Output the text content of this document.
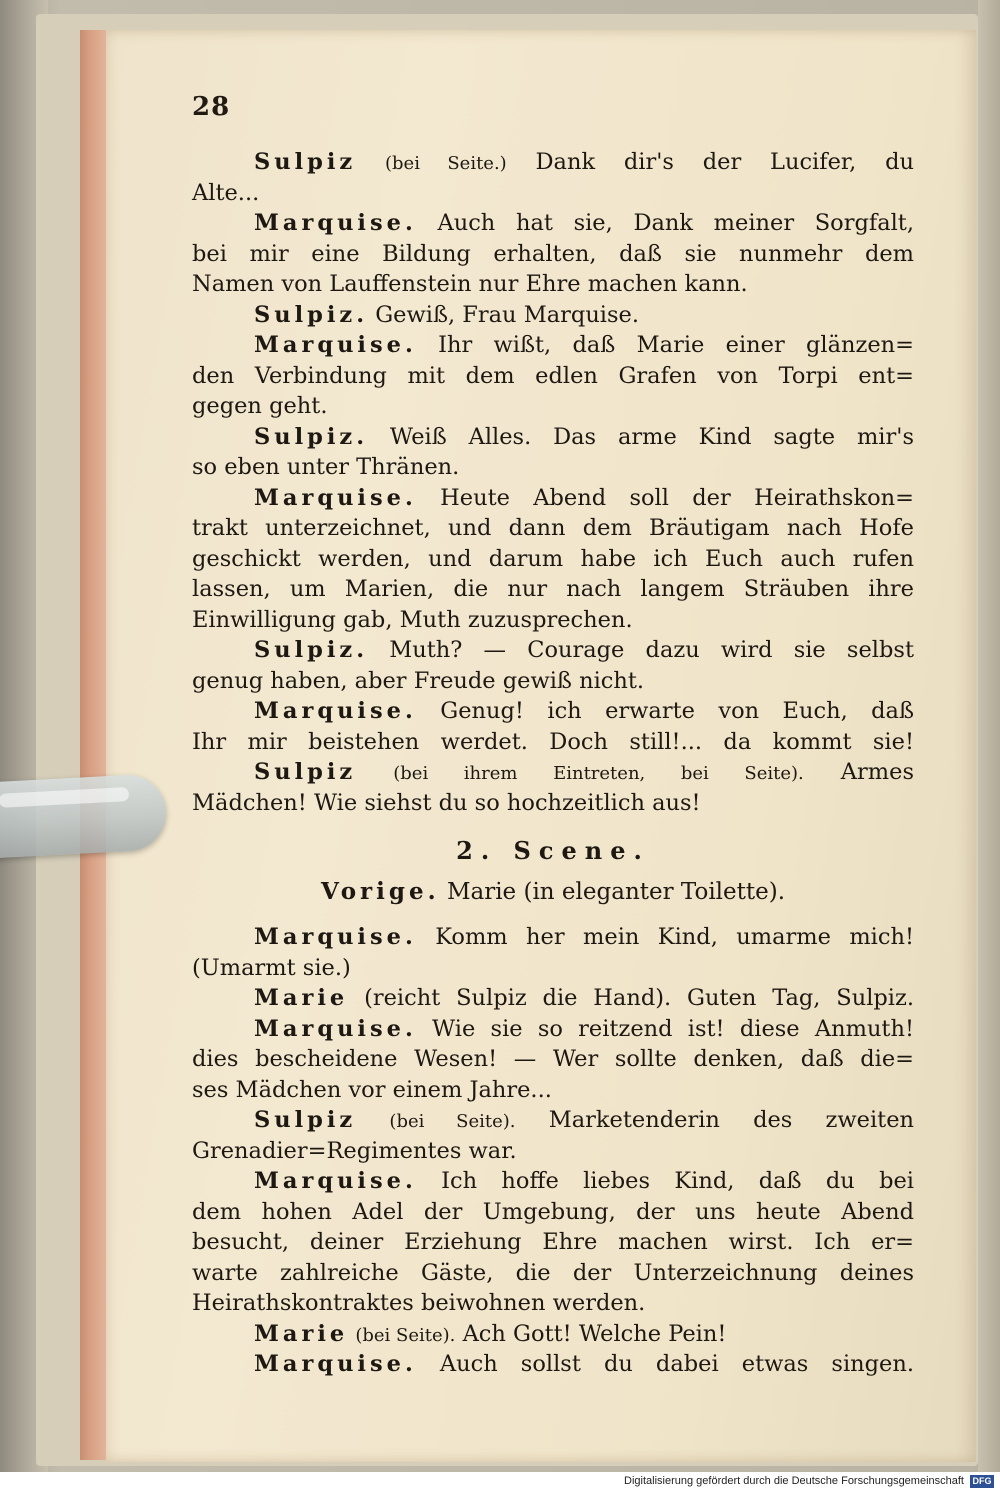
28
Sulpiz (bei Seite.) Dank dir's der Lucifer, du
Alte...
Marquise. Auch hat sie, Dank meiner Sorgfalt,
bei mir eine Bildung erhalten, daß sie nunmehr dem
Namen von Lauffenstein nur Ehre machen kann.
Sulpiz. Gewiß, Frau Marquise.
Marquise. Ihr wißt, daß Marie einer glänzen=
den Verbindung mit dem edlen Grafen von Torpi ent=
gegen geht.
Sulpiz. Weiß Alles. Das arme Kind sagte mir's
so eben unter Thränen.
Marquise. Heute Abend soll der Heirathskon=
trakt unterzeichnet, und dann dem Bräutigam nach Hofe
geschickt werden, und darum habe ich Euch auch rufen
lassen, um Marien, die nur nach langem Sträuben ihre
Einwilligung gab, Muth zuzusprechen.
Sulpiz. Muth? — Courage dazu wird sie selbst
genug haben, aber Freude gewiß nicht.
Marquise. Genug! ich erwarte von Euch, daß
Ihr mir beistehen werdet. Doch still!... da kommt sie!
Sulpiz (bei ihrem Eintreten, bei Seite). Armes
Mädchen! Wie siehst du so hochzeitlich aus!
2. Scene.
Vorige. Marie (in eleganter Toilette).
Marquise. Komm her mein Kind, umarme mich!
(Umarmt sie.)
Marie (reicht Sulpiz die Hand). Guten Tag, Sulpiz.
Marquise. Wie sie so reitzend ist! diese Anmuth!
dies bescheidene Wesen! — Wer sollte denken, daß die=
ses Mädchen vor einem Jahre...
Sulpiz (bei Seite). Marketenderin des zweiten
Grenadier=Regimentes war.
Marquise. Ich hoffe liebes Kind, daß du bei
dem hohen Adel der Umgebung, der uns heute Abend
besucht, deiner Erziehung Ehre machen wirst. Ich er=
warte zahlreiche Gäste, die der Unterzeichnung deines
Heirathskontraktes beiwohnen werden.
Marie (bei Seite). Ach Gott! Welche Pein!
Marquise. Auch sollst du dabei etwas singen.
Digitalisierung gefördert durch die Deutsche Forschungsgemeinschaft DFG
